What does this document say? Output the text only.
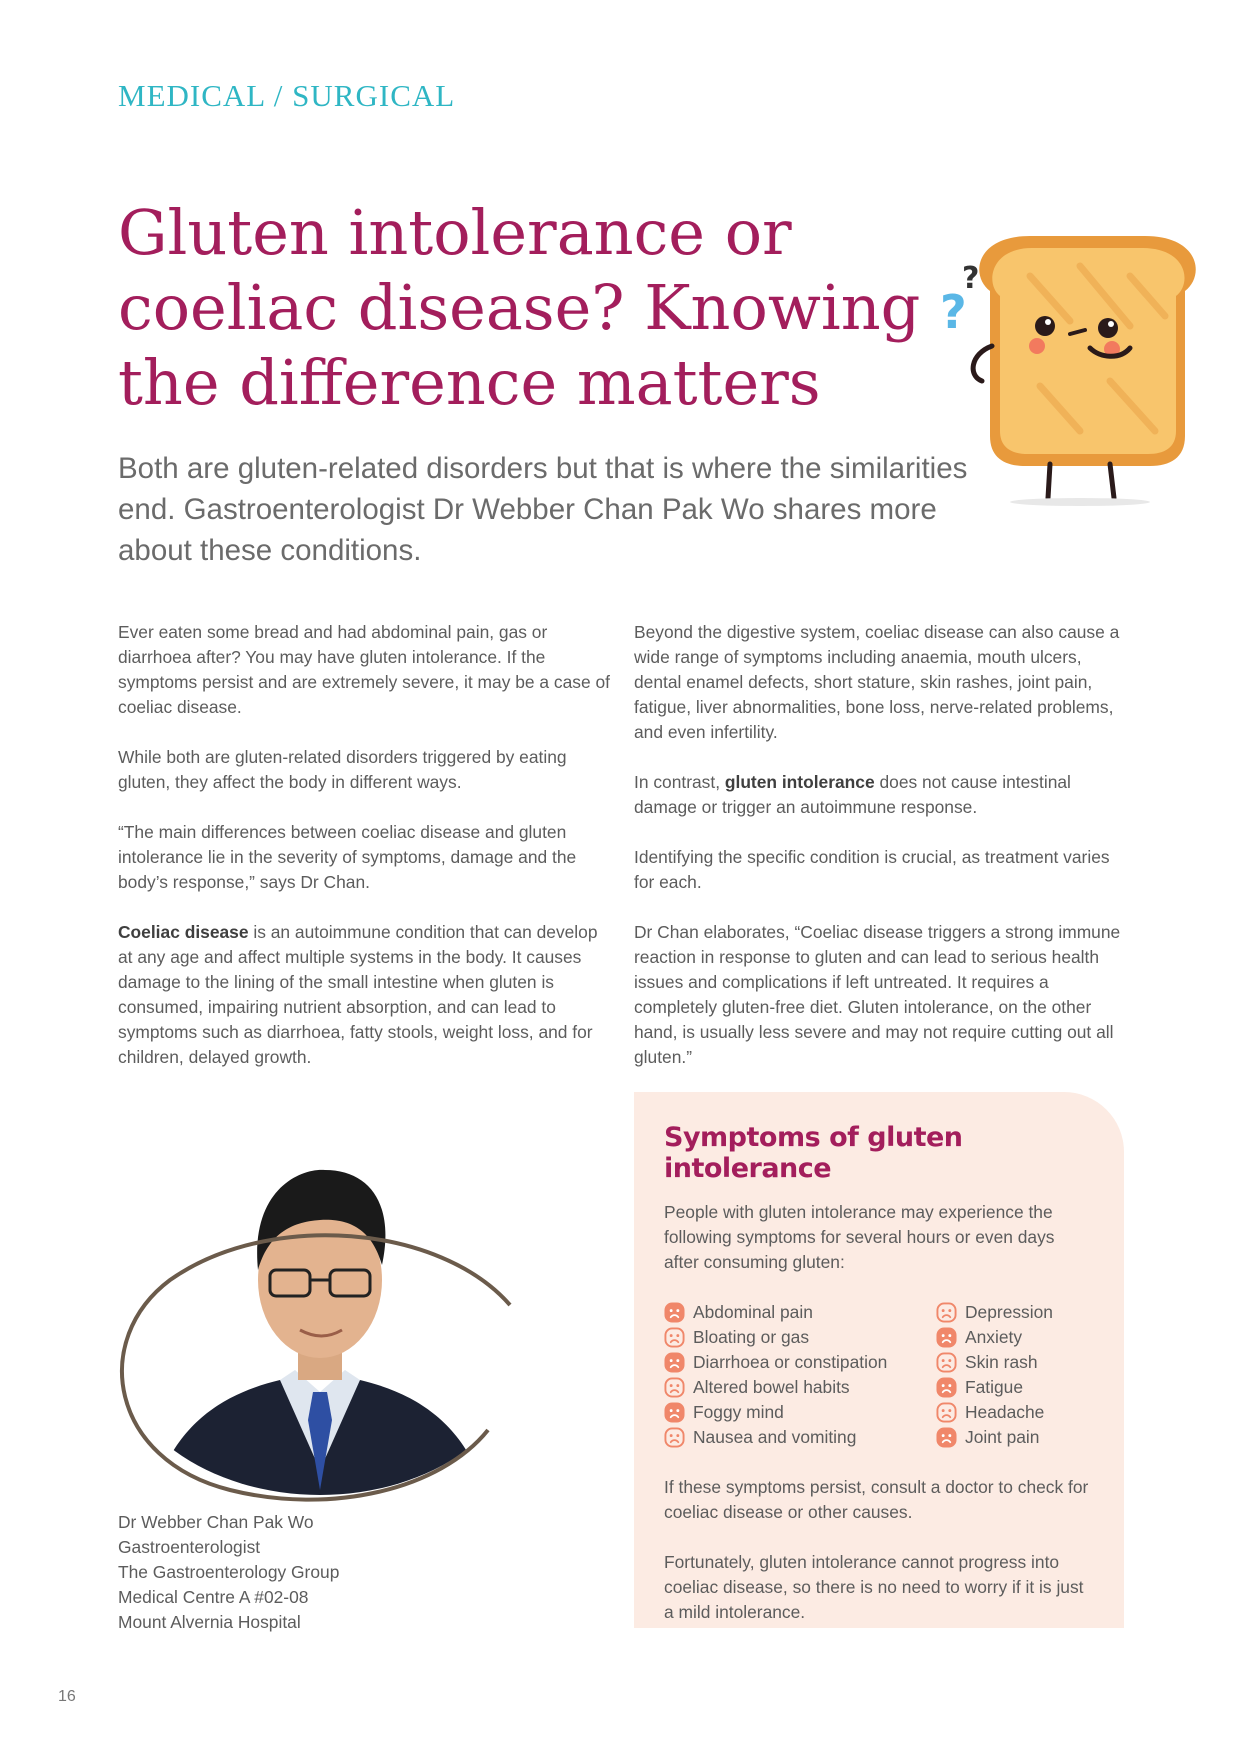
MEDICAL / SURGICAL
Gluten intolerance or
coeliac disease? Knowing
the difference matters
?
?

Both are gluten-related disorders but that is where the similarities end. Gastroenterologist Dr Webber Chan Pak Wo shares more about these conditions.

Ever eaten some bread and had abdominal pain, gas or diarrhoea after? You may have gluten intolerance. If the symptoms persist and are extremely severe, it may be a case of coeliac disease.

While both are gluten-related disorders triggered by eating gluten, they affect the body in different ways.

“The main differences between coeliac disease and gluten intolerance lie in the severity of symptoms, damage and the body’s response,” says Dr Chan.

Coeliac disease is an autoimmune condition that can develop at any age and affect multiple systems in the body. It causes damage to the lining of the small intestine when gluten is consumed, impairing nutrient absorption, and can lead to symptoms such as diarrhoea, fatty stools, weight loss, and for children, delayed growth.

Beyond the digestive system, coeliac disease can also cause a wide range of symptoms including anaemia, mouth ulcers, dental enamel defects, short stature, skin rashes, joint pain, fatigue, liver abnormalities, bone loss, nerve-related problems, and even infertility.

In contrast, gluten intolerance does not cause intestinal damage or trigger an autoimmune response.

Identifying the specific condition is crucial, as treatment varies for each.

Dr Chan elaborates, “Coeliac disease triggers a strong immune reaction in response to gluten and can lead to serious health issues and complications if left untreated. It requires a completely gluten-free diet. Gluten intolerance, on the other hand, is usually less severe and may not require cutting out all gluten.”

Dr Webber Chan Pak Wo
Gastroenterologist
The Gastroenterology Group
Medical Centre A #02-08
Mount Alvernia Hospital
Symptoms of gluten intolerance

People with gluten intolerance may experience the following symptoms for several hours or even days after consuming gluten:

Abdominal pain
Bloating or gas
Diarrhoea or constipation
Altered bowel habits
Foggy mind
Nausea and vomiting
Depression
Anxiety
Skin rash
Fatigue
Headache
Joint pain

If these symptoms persist, consult a doctor to check for coeliac disease or other causes.

Fortunately, gluten intolerance cannot progress into coeliac disease, so there is no need to worry if it is just a mild intolerance.

16
